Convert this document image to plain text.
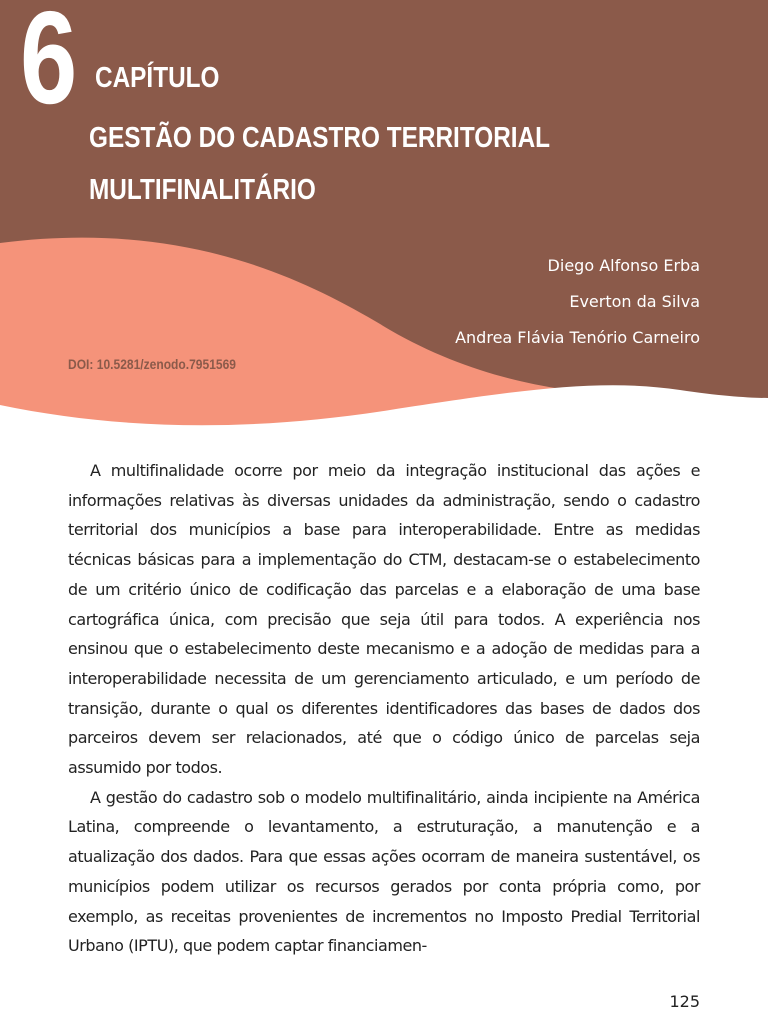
6 CAPÍTULO
GESTÃO DO CADASTRO TERRITORIAL
MULTIFINALITÁRIO
Diego Alfonso Erba
Everton da Silva
Andrea Flávia Tenório Carneiro
DOI: 10.5281/zenodo.7951569

A multifinalidade ocorre por meio da integração institucional das ações e informações relativas às diversas unidades da administração, sendo o cadastro territorial dos municípios a base para interoperabilidade. Entre as medidas técnicas básicas para a implementação do CTM, destacam-se o estabelecimento de um critério único de codificação das parcelas e a elaboração de uma base cartográfica única, com precisão que seja útil para todos. A experiência nos ensinou que o estabelecimento deste mecanismo e a adoção de medidas para a interoperabilidade necessita de um gerenciamento articulado, e um período de transição, durante o qual os diferentes identificadores das bases de dados dos parceiros devem ser relacionados, até que o código único de parcelas seja assumido por todos.

A gestão do cadastro sob o modelo multifinalitário, ainda incipiente na América Latina, compreende o levantamento, a estruturação, a manutenção e a atualização dos dados. Para que essas ações ocorram de maneira sustentável, os municípios podem utilizar os recursos gerados por conta própria como, por exemplo, as receitas provenientes de incrementos no Imposto Predial Territorial Urbano (IPTU), que podem captar financiamen-

125
